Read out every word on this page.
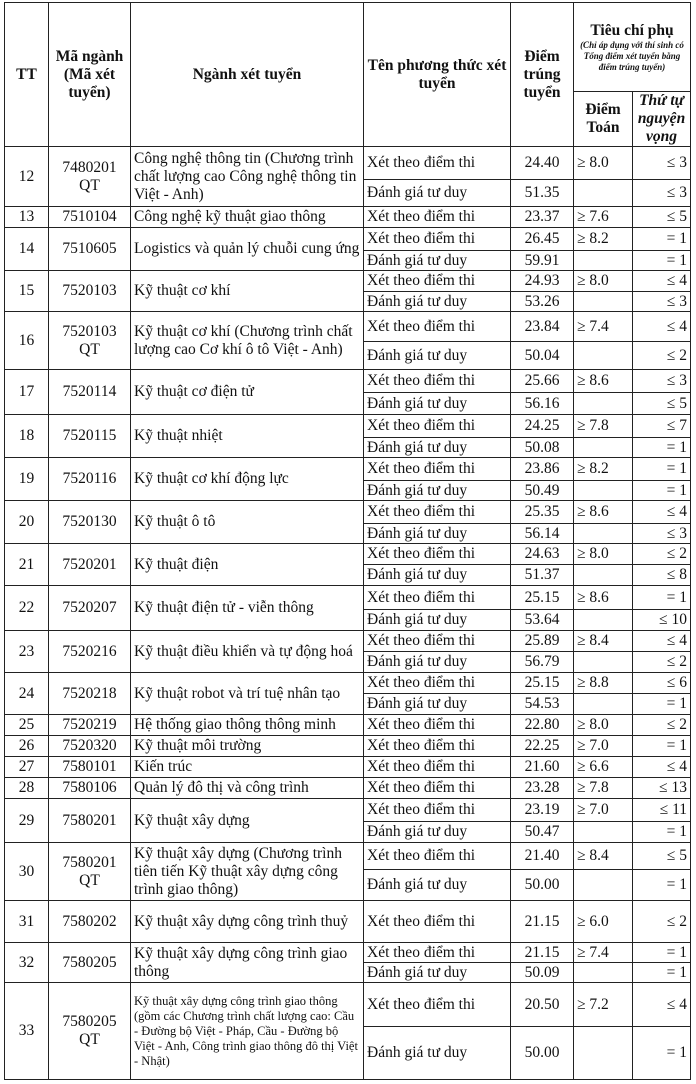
TT	Mã ngành (Mã xét tuyển)	Ngành xét tuyển	Tên phương thức xét tuyển	Điểm trúng tuyển	Tiêu chí phụ
(Chỉ áp dụng với thí sinh có Tổng điểm xét tuyển bằng điểm trúng tuyển)	

					Điểm Toán	Thứ tự nguyện vọng
12	7480201 QT	Công nghệ thông tin (Chương trình chất lượng cao Công nghệ thông tin Việt - Anh)	Xét theo điểm thi	24.40	≥ 8.0	≤ 3
			Đánh giá tư duy	51.35		≤ 3
13	7510104	Công nghệ kỹ thuật giao thông	Xét theo điểm thi	23.37	≥ 7.6	≤ 5
14	7510605	Logistics và quản lý chuỗi cung ứng	Xét theo điểm thi	26.45	≥ 8.2	= 1
			Đánh giá tư duy	59.91		= 1
15	7520103	Kỹ thuật cơ khí	Xét theo điểm thi	24.93	≥ 8.0	≤ 4
			Đánh giá tư duy	53.26		≤ 3
16	7520103 QT	Kỹ thuật cơ khí (Chương trình chất lượng cao Cơ khí ô tô Việt - Anh)	Xét theo điểm thi	23.84	≥ 7.4	≤ 4
			Đánh giá tư duy	50.04		≤ 2
17	7520114	Kỹ thuật cơ điện tử	Xét theo điểm thi	25.66	≥ 8.6	≤ 3
			Đánh giá tư duy	56.16		≤ 5
18	7520115	Kỹ thuật nhiệt	Xét theo điểm thi	24.25	≥ 7.8	≤ 7
			Đánh giá tư duy	50.08		= 1
19	7520116	Kỹ thuật cơ khí động lực	Xét theo điểm thi	23.86	≥ 8.2	= 1
			Đánh giá tư duy	50.49		= 1
20	7520130	Kỹ thuật ô tô	Xét theo điểm thi	25.35	≥ 8.6	≤ 4
			Đánh giá tư duy	56.14		≤ 3
21	7520201	Kỹ thuật điện	Xét theo điểm thi	24.63	≥ 8.0	≤ 2
			Đánh giá tư duy	51.37		≤ 8
22	7520207	Kỹ thuật điện tử - viễn thông	Xét theo điểm thi	25.15	≥ 8.6	= 1
			Đánh giá tư duy	53.64		≤ 10
23	7520216	Kỹ thuật điều khiển và tự động hoá	Xét theo điểm thi	25.89	≥ 8.4	≤ 4
			Đánh giá tư duy	56.79		≤ 2
24	7520218	Kỹ thuật robot và trí tuệ nhân tạo	Xét theo điểm thi	25.15	≥ 8.8	≤ 6
			Đánh giá tư duy	54.53		= 1
25	7520219	Hệ thống giao thông thông minh	Xét theo điểm thi	22.80	≥ 8.0	≤ 2
26	7520320	Kỹ thuật môi trường	Xét theo điểm thi	22.25	≥ 7.0	= 1
27	7580101	Kiến trúc	Xét theo điểm thi	21.60	≥ 6.6	≤ 4
28	7580106	Quản lý đô thị và công trình	Xét theo điểm thi	23.28	≥ 7.8	≤ 13
29	7580201	Kỹ thuật xây dựng	Xét theo điểm thi	23.19	≥ 7.0	≤ 11
			Đánh giá tư duy	50.47		= 1
30	7580201 QT	Kỹ thuật xây dựng (Chương trình tiên tiến Kỹ thuật xây dựng công trình giao thông)	Xét theo điểm thi	21.40	≥ 8.4	≤ 5
			Đánh giá tư duy	50.00		= 1
31	7580202	Kỹ thuật xây dựng công trình thuỷ	Xét theo điểm thi	21.15	≥ 6.0	≤ 2
32	7580205	Kỹ thuật xây dựng công trình giao thông	Xét theo điểm thi	21.15	≥ 7.4	= 1
			Đánh giá tư duy	50.09		= 1
33	7580205 QT	Kỹ thuật xây dựng công trình giao thông (gồm các Chương trình chất lượng cao: Cầu - Đường bộ Việt - Pháp, Cầu - Đường bộ Việt - Anh, Công trình giao thông đô thị Việt - Nhật)	Xét theo điểm thi	20.50	≥ 7.2	≤ 4
			Đánh giá tư duy	50.00		= 1
